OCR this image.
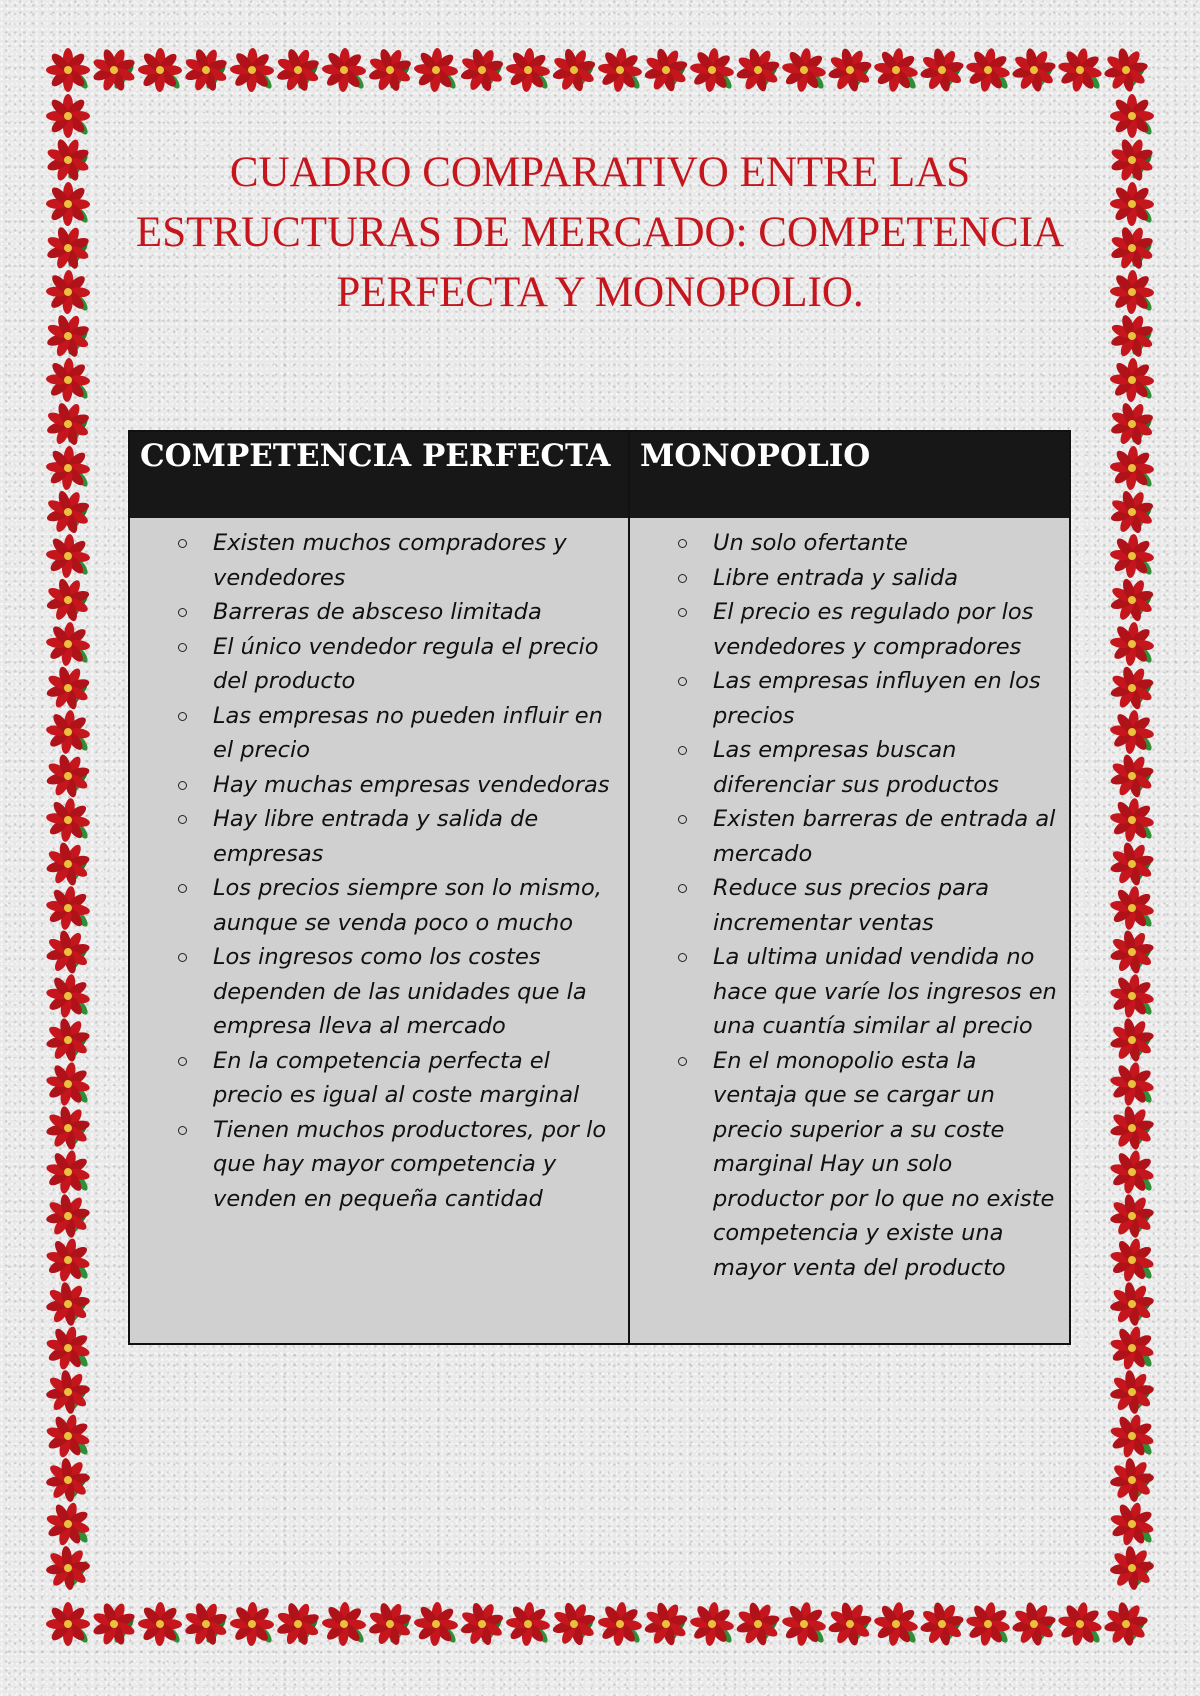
CUADRO COMPARATIVO ENTRE LAS ESTRUCTURAS DE MERCADO: COMPETENCIA PERFECTA Y MONOPOLIO.
COMPETENCIA PERFECTA MONOPOLIO
Existen muchos compradores y vendedores
Barreras de absceso limitada
El único vendedor regula el precio del producto
Las empresas no pueden influir en el precio
Hay muchas empresas vendedoras
Hay libre entrada y salida de empresas
Los precios siempre son lo mismo, aunque se venda poco o mucho
Los ingresos como los costes dependen de las unidades que la empresa lleva al mercado
En la competencia perfecta el precio es igual al coste marginal
Tienen muchos productores, por lo que hay mayor competencia y venden en pequeña cantidad
Un solo ofertante
Libre entrada y salida
El precio es regulado por los vendedores y compradores
Las empresas influyen en los precios
Las empresas buscan diferenciar sus productos
Existen barreras de entrada al mercado
Reduce sus precios para incrementar ventas
La ultima unidad vendida no hace que varíe los ingresos en una cuantía similar al precio
En el monopolio esta la ventaja que se cargar un precio superior a su coste marginal Hay un solo productor por lo que no existe competencia y existe una mayor venta del producto
